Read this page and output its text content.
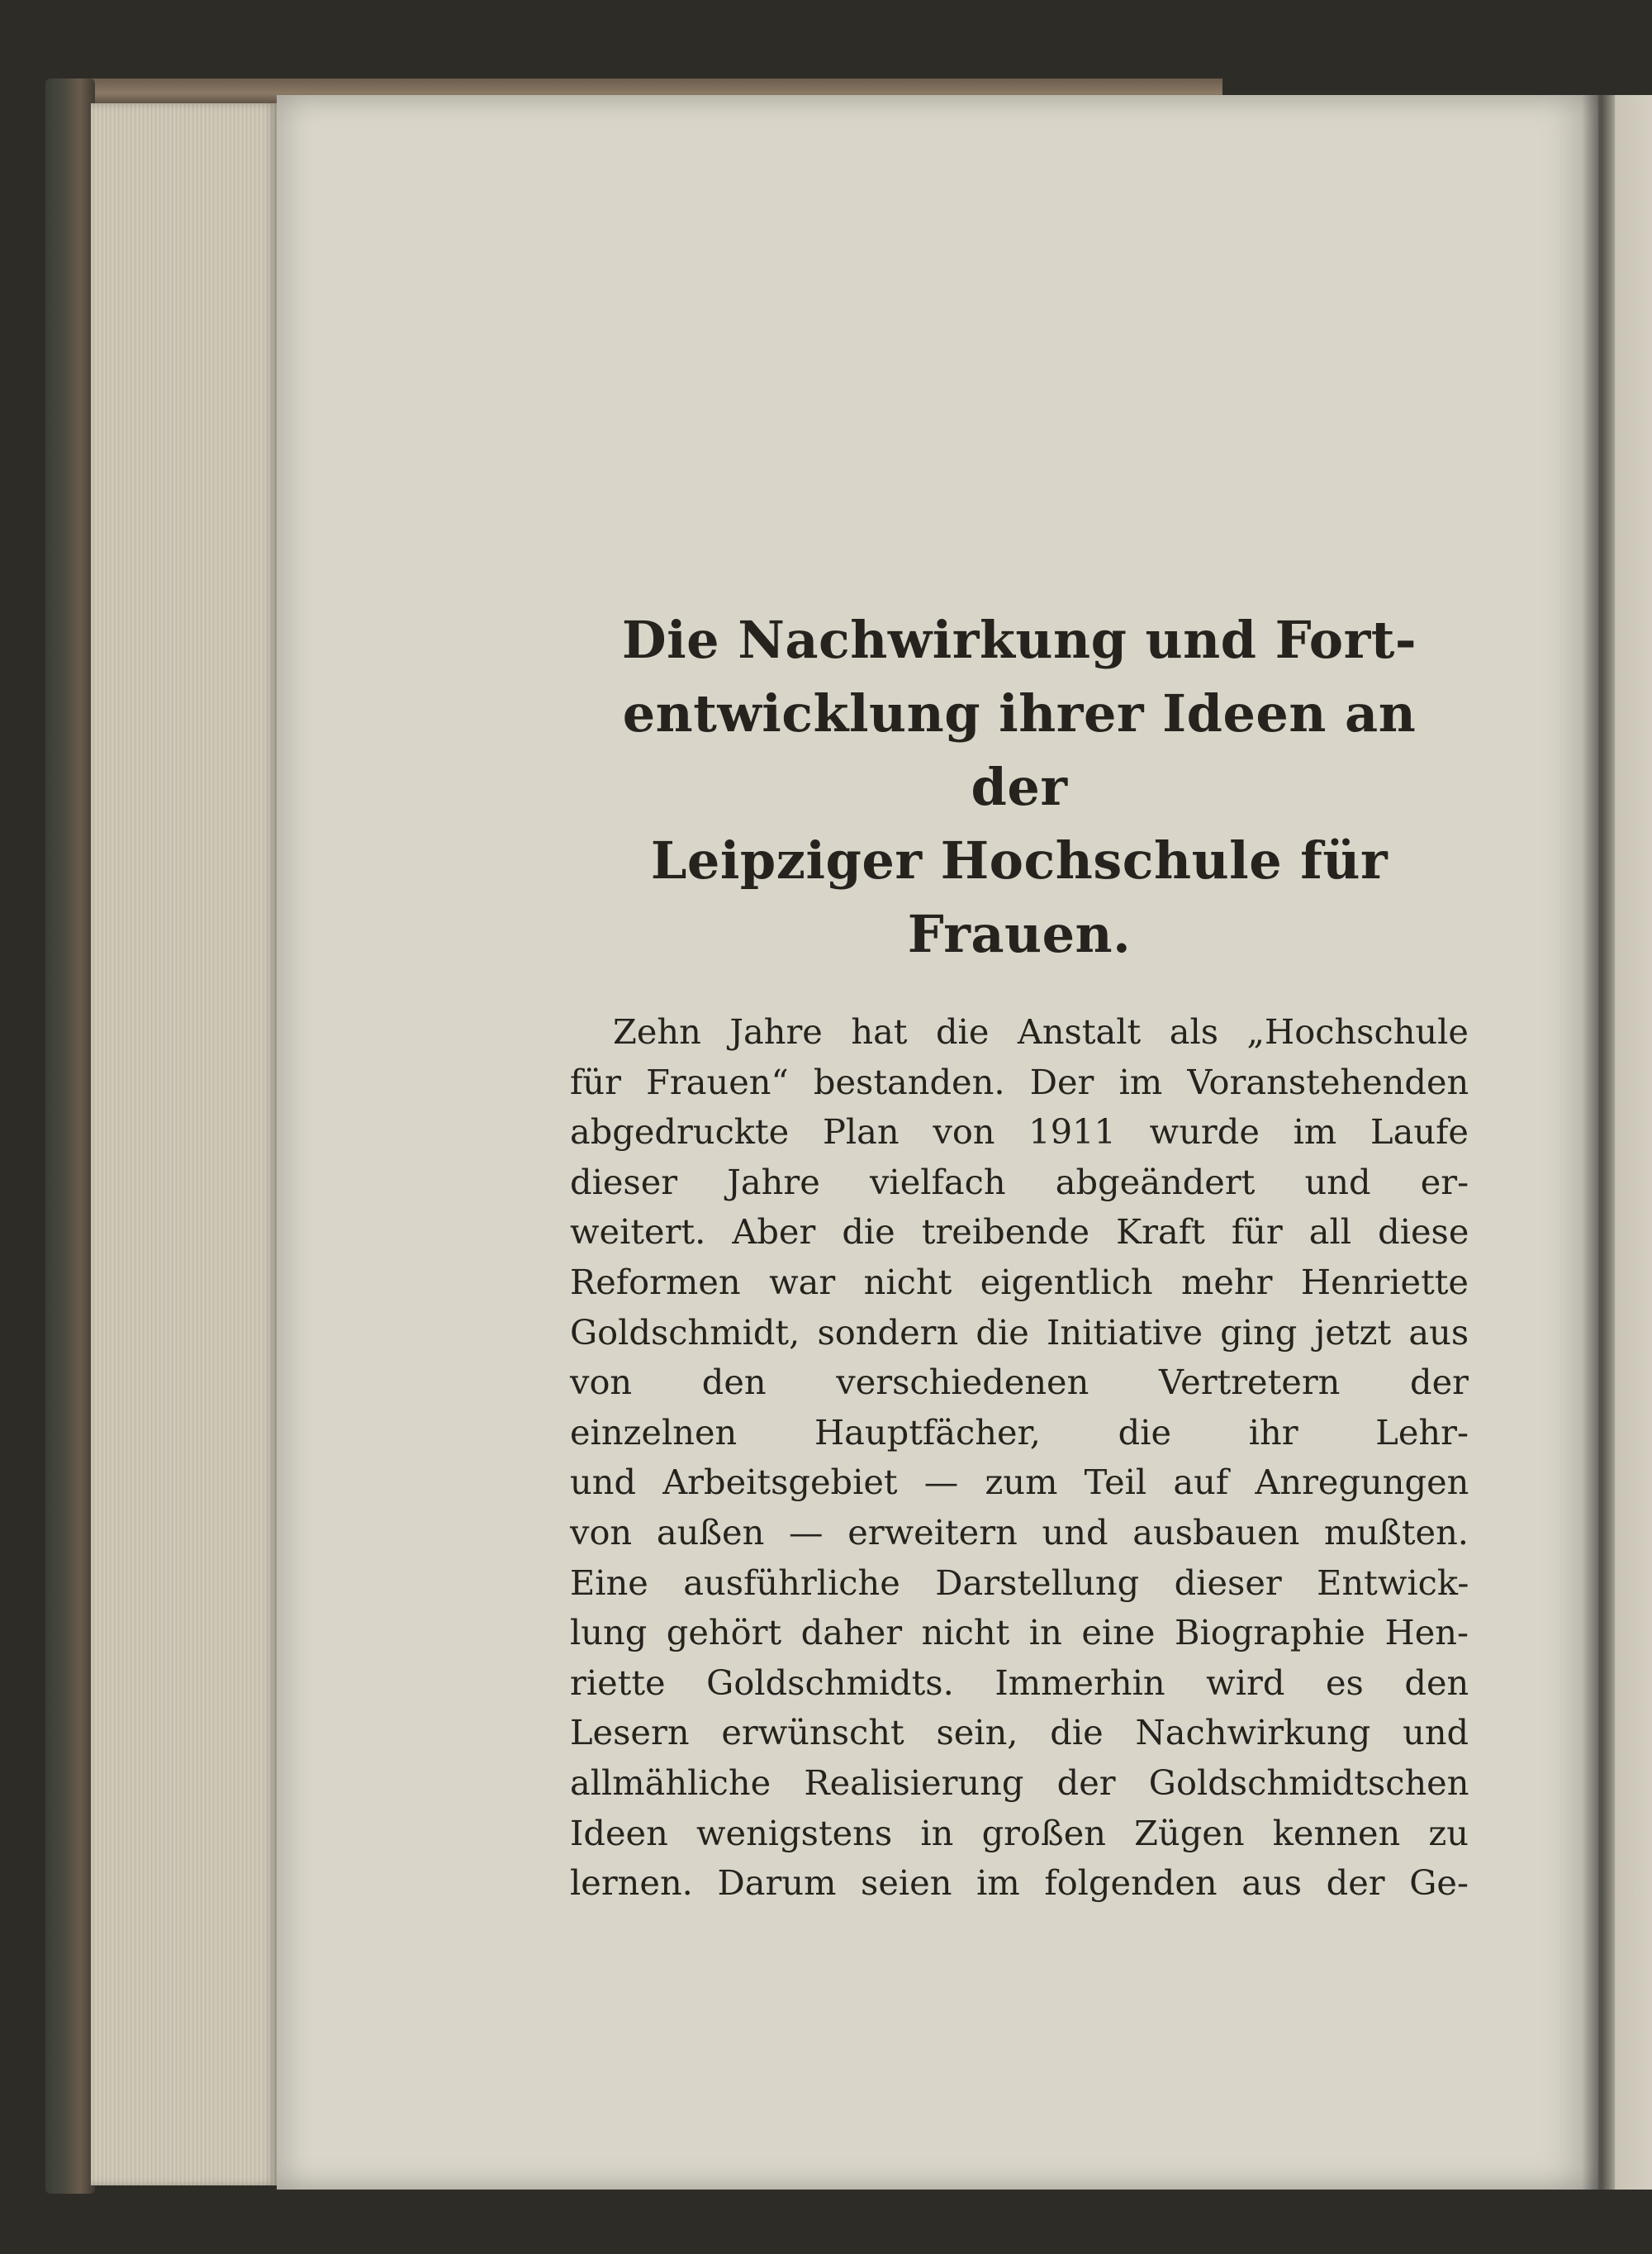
Die Nachwirkung und Fort-
entwicklung ihrer Ideen an der
Leipziger Hochschule für Frauen.
Zehn Jahre hat die Anstalt als „Hochschule
für Frauen“ bestanden. Der im Voranstehenden
abgedruckte Plan von 1911 wurde im Laufe
dieser Jahre vielfach abgeändert und er-
weitert. Aber die treibende Kraft für all diese
Reformen war nicht eigentlich mehr Henriette
Goldschmidt, sondern die Initiative ging jetzt aus
von den verschiedenen Vertretern der
einzelnen Hauptfächer, die ihr Lehr-
und Arbeitsgebiet — zum Teil auf Anregungen
von außen — erweitern und ausbauen mußten.
Eine ausführliche Darstellung dieser Entwick-
lung gehört daher nicht in eine Biographie Hen-
riette Goldschmidts. Immerhin wird es den
Lesern erwünscht sein, die Nachwirkung und
allmähliche Realisierung der Goldschmidtschen
Ideen wenigstens in großen Zügen kennen zu
lernen. Darum seien im folgenden aus der Ge-
